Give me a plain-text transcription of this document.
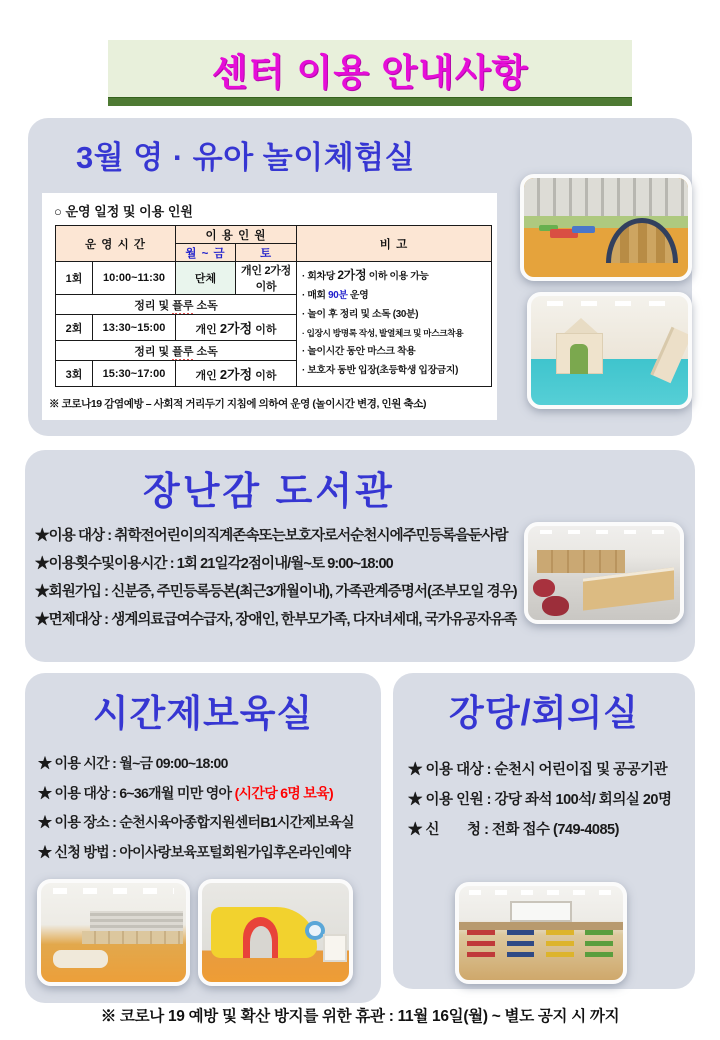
센터 이용 안내사항
3월 영 · 유아 놀이체험실
○ 운영 일정 및 이용 인원
운 영 시 간		이 용 인 원		비 고
		월 ~ 금	토	
1회	10:00~11:30	단체	개인 2가정 이하	
· 회차당 2가정 이하 이용 가능
· 매회 90분 운영
· 놀이 후 정리 및 소독 (30분)
· 입장시 방명록 작성, 발열체크 및 마스크착용
· 놀이시간 동안 마스크 착용
· 보호자 동반 입장(초등학생 입장금지)

정리 및 플루 소독				
2회	13:30~15:00	개인 2가정 이하		
정리 및 플루 소독				
3회	15:30~17:00	개인 2가정 이하		
※ 코로나19 감염예방 – 사회적 거리두기 지침에 의하여 운영 (놀이시간 변경, 인원 축소)
장난감 도서관
★이용 대상 : 취학전어린이의직계존속또는보호자로서순천시에주민등록을둔사람
★이용횟수및이용시간 : 1회 21일각2점이내/월~토 9:00~18:00
★회원가입 : 신분증, 주민등록등본(최근3개월이내), 가족관계증명서(조부모일 경우)
★면제대상 : 생계의료급여수급자, 장애인, 한부모가족, 다자녀세대, 국가유공자유족
시간제보육실
★ 이용 시간 : 월~금 09:00~18:00
★ 이용 대상 : 6~36개월 미만 영아 (시간당 6명 보육)
★ 이용 장소 : 순천시육아종합지원센터B1시간제보육실
★ 신청 방법 : 아이사랑보육포털회원가입후온라인예약
강당/회의실
★ 이용 대상 : 순천시 어린이집 및 공공기관
★ 이용 인원 : 강당 좌석 100석/ 회의실 20명
★ 신　　청 : 전화 접수 (749-4085)
※ 코로나 19 예방 및 확산 방지를 위한 휴관 : 11월 16일(월) ~ 별도 공지 시 까지
